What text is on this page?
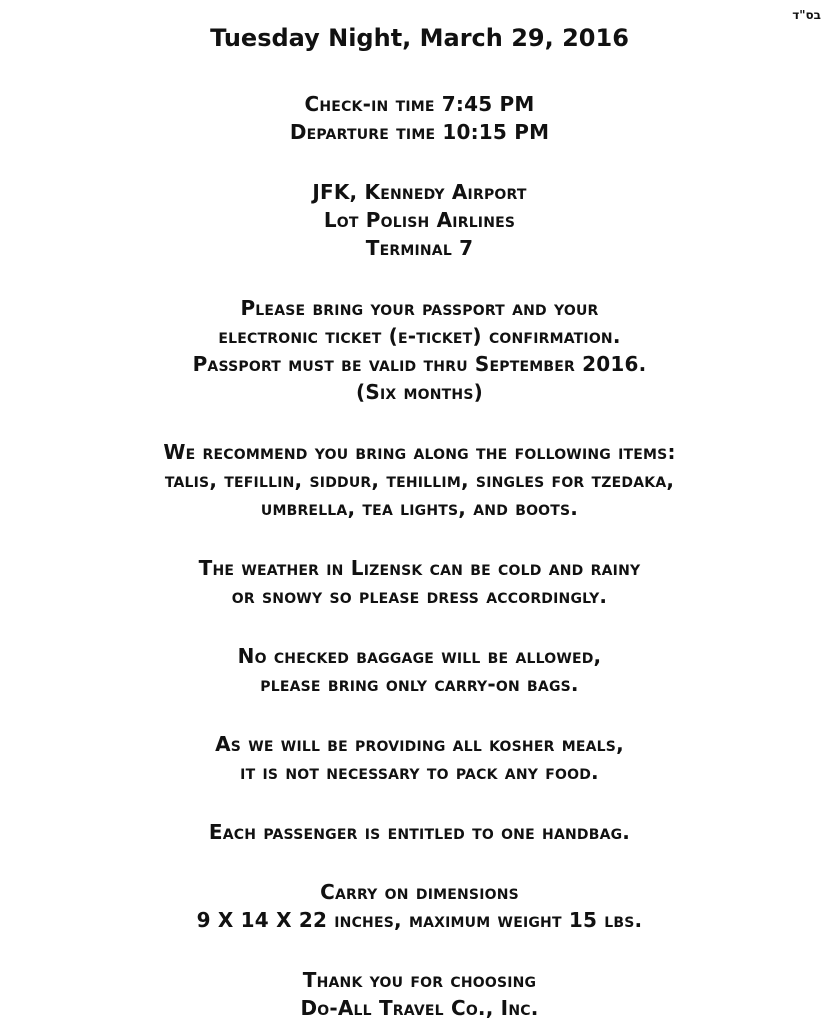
בס"ד
Tuesday Night, March 29, 2016
Check-in time 7:45 PM
Departure time 10:15 PM
JFK, Kennedy Airport
Lot Polish Airlines
Terminal 7
Please bring your passport and your
electronic ticket (e-ticket) confirmation.
Passport must be valid thru September 2016.
(Six months)
We recommend you bring along the following items:
talis, tefillin, siddur, tehillim, singles for tzedaka,
umbrella, tea lights, and boots.
The weather in Lizensk can be cold and rainy
or snowy so please dress accordingly.
No checked baggage will be allowed,
please bring only carry-on bags.
As we will be providing all kosher meals,
it is not necessary to pack any food.
Each passenger is entitled to one handbag.
Carry on dimensions
9 X 14 X 22 inches, maximum weight 15 lbs.
Thank you for choosing
Do-All Travel Co., Inc.
